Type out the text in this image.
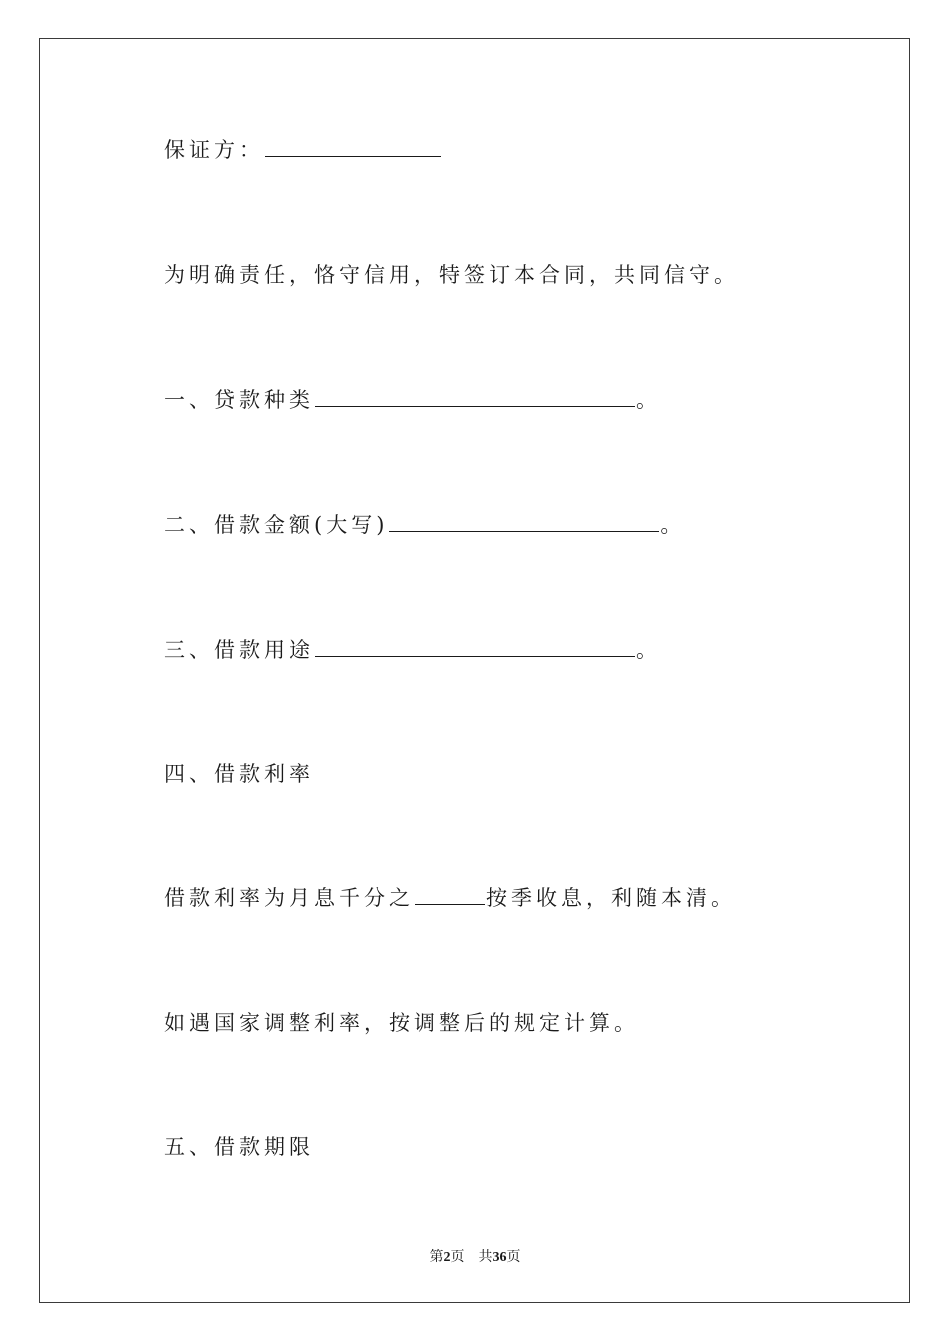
保证方：
为明确责任，恪守信用，特签订本合同，共同信守。
一、贷款种类	。
二、借款金额(大写)	。
三、借款用途	。
四、借款利率
借款利率为月息千分之	按季收息，利随本清。
如遇国家调整利率，按调整后的规定计算。
五、借款期限
第2页 共36页
